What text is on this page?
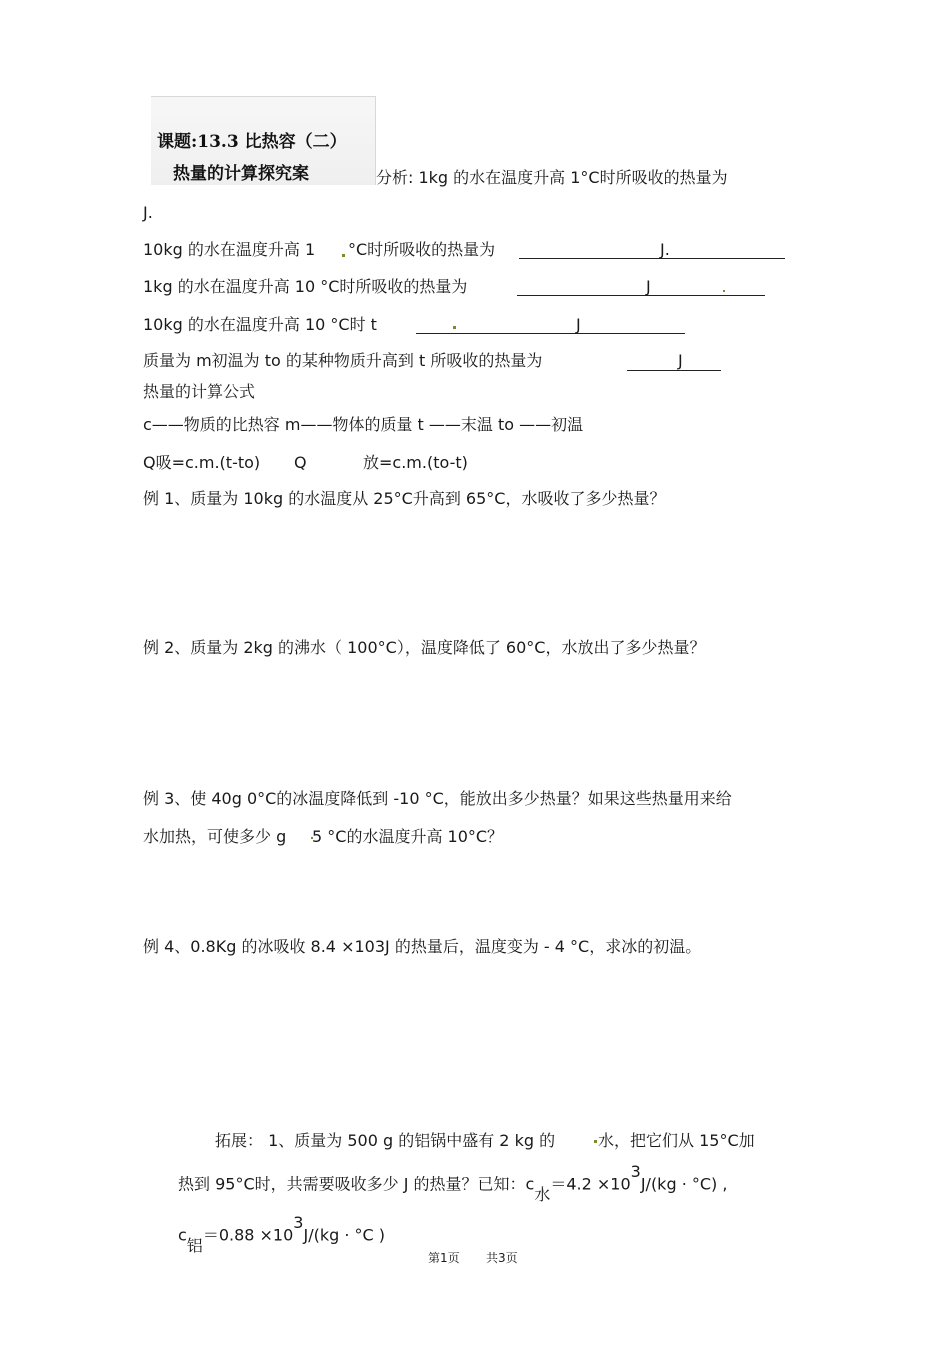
课题:13.3 比热容（二）
热量的计算探究案	分析: 1kg 的水在温度升高 1°C时所吸收的热量为
J.
10kg 的水在温度升高 1 °C时所吸收的热量为	J.
1kg 的水在温度升高 10 °C时所吸收的热量为	J
10kg 的水在温度升高 10 °C时 t	J
质量为 m初温为 to 的某种物质升高到 t 所吸收的热量为	J
热量的计算公式
c——物质的比热容 m——物体的质量 t ——末温 to ——初温
Q吸=c.m.(t-to) Q	放=c.m.(to-t)
例 1、质量为 10kg 的水温度从 25°C升高到 65°C，水吸收了多少热量？
例 2、质量为 2kg 的沸水（ 100°C），温度降低了 60°C，水放出了多少热量？
例 3、使 40g 0°C的冰温度降低到 -10 °C，能放出多少热量？如果这些热量用来给
水加热，可使多少 g 5 °C的水温度升高 10°C？
例 4、0.8Kg 的冰吸收 8.4 ×103J 的热量后，温度变为 - 4 °C，求冰的初温。
拓展： 1、质量为 500 g 的铝锅中盛有 2 kg 的	水，把它们从 15°C加
热到 95°C时，共需要吸收多少 J 的热量？已知：$c_水=4.2 \times 10^3J/(kg \cdot ^\circ C)$ ,
$c_铝=0.88 \times 10^3J/(kg \cdot ^\circ C$ )
第1页 共3页
